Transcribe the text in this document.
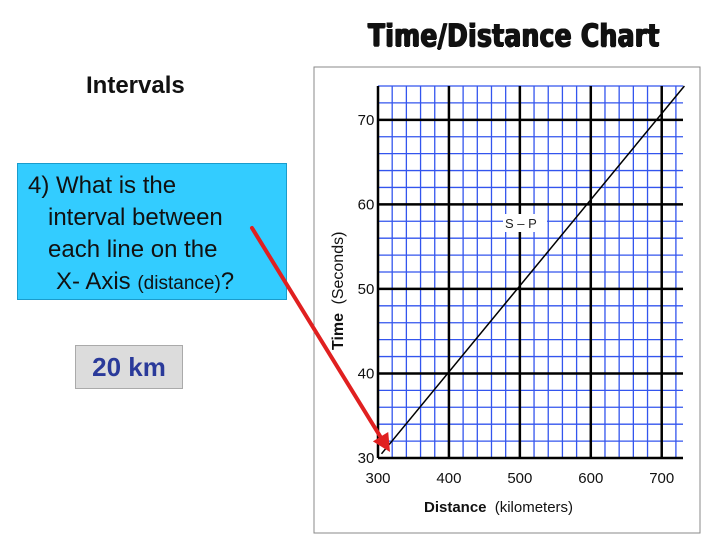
Intervals
4) What is the
interval between
each line on the
X- Axis (distance)?
20 km
Time/Distance Chart
300	400	500	600	700
30
40
50
60
70
S – P
Distance (kilometers)
Time (Seconds)
